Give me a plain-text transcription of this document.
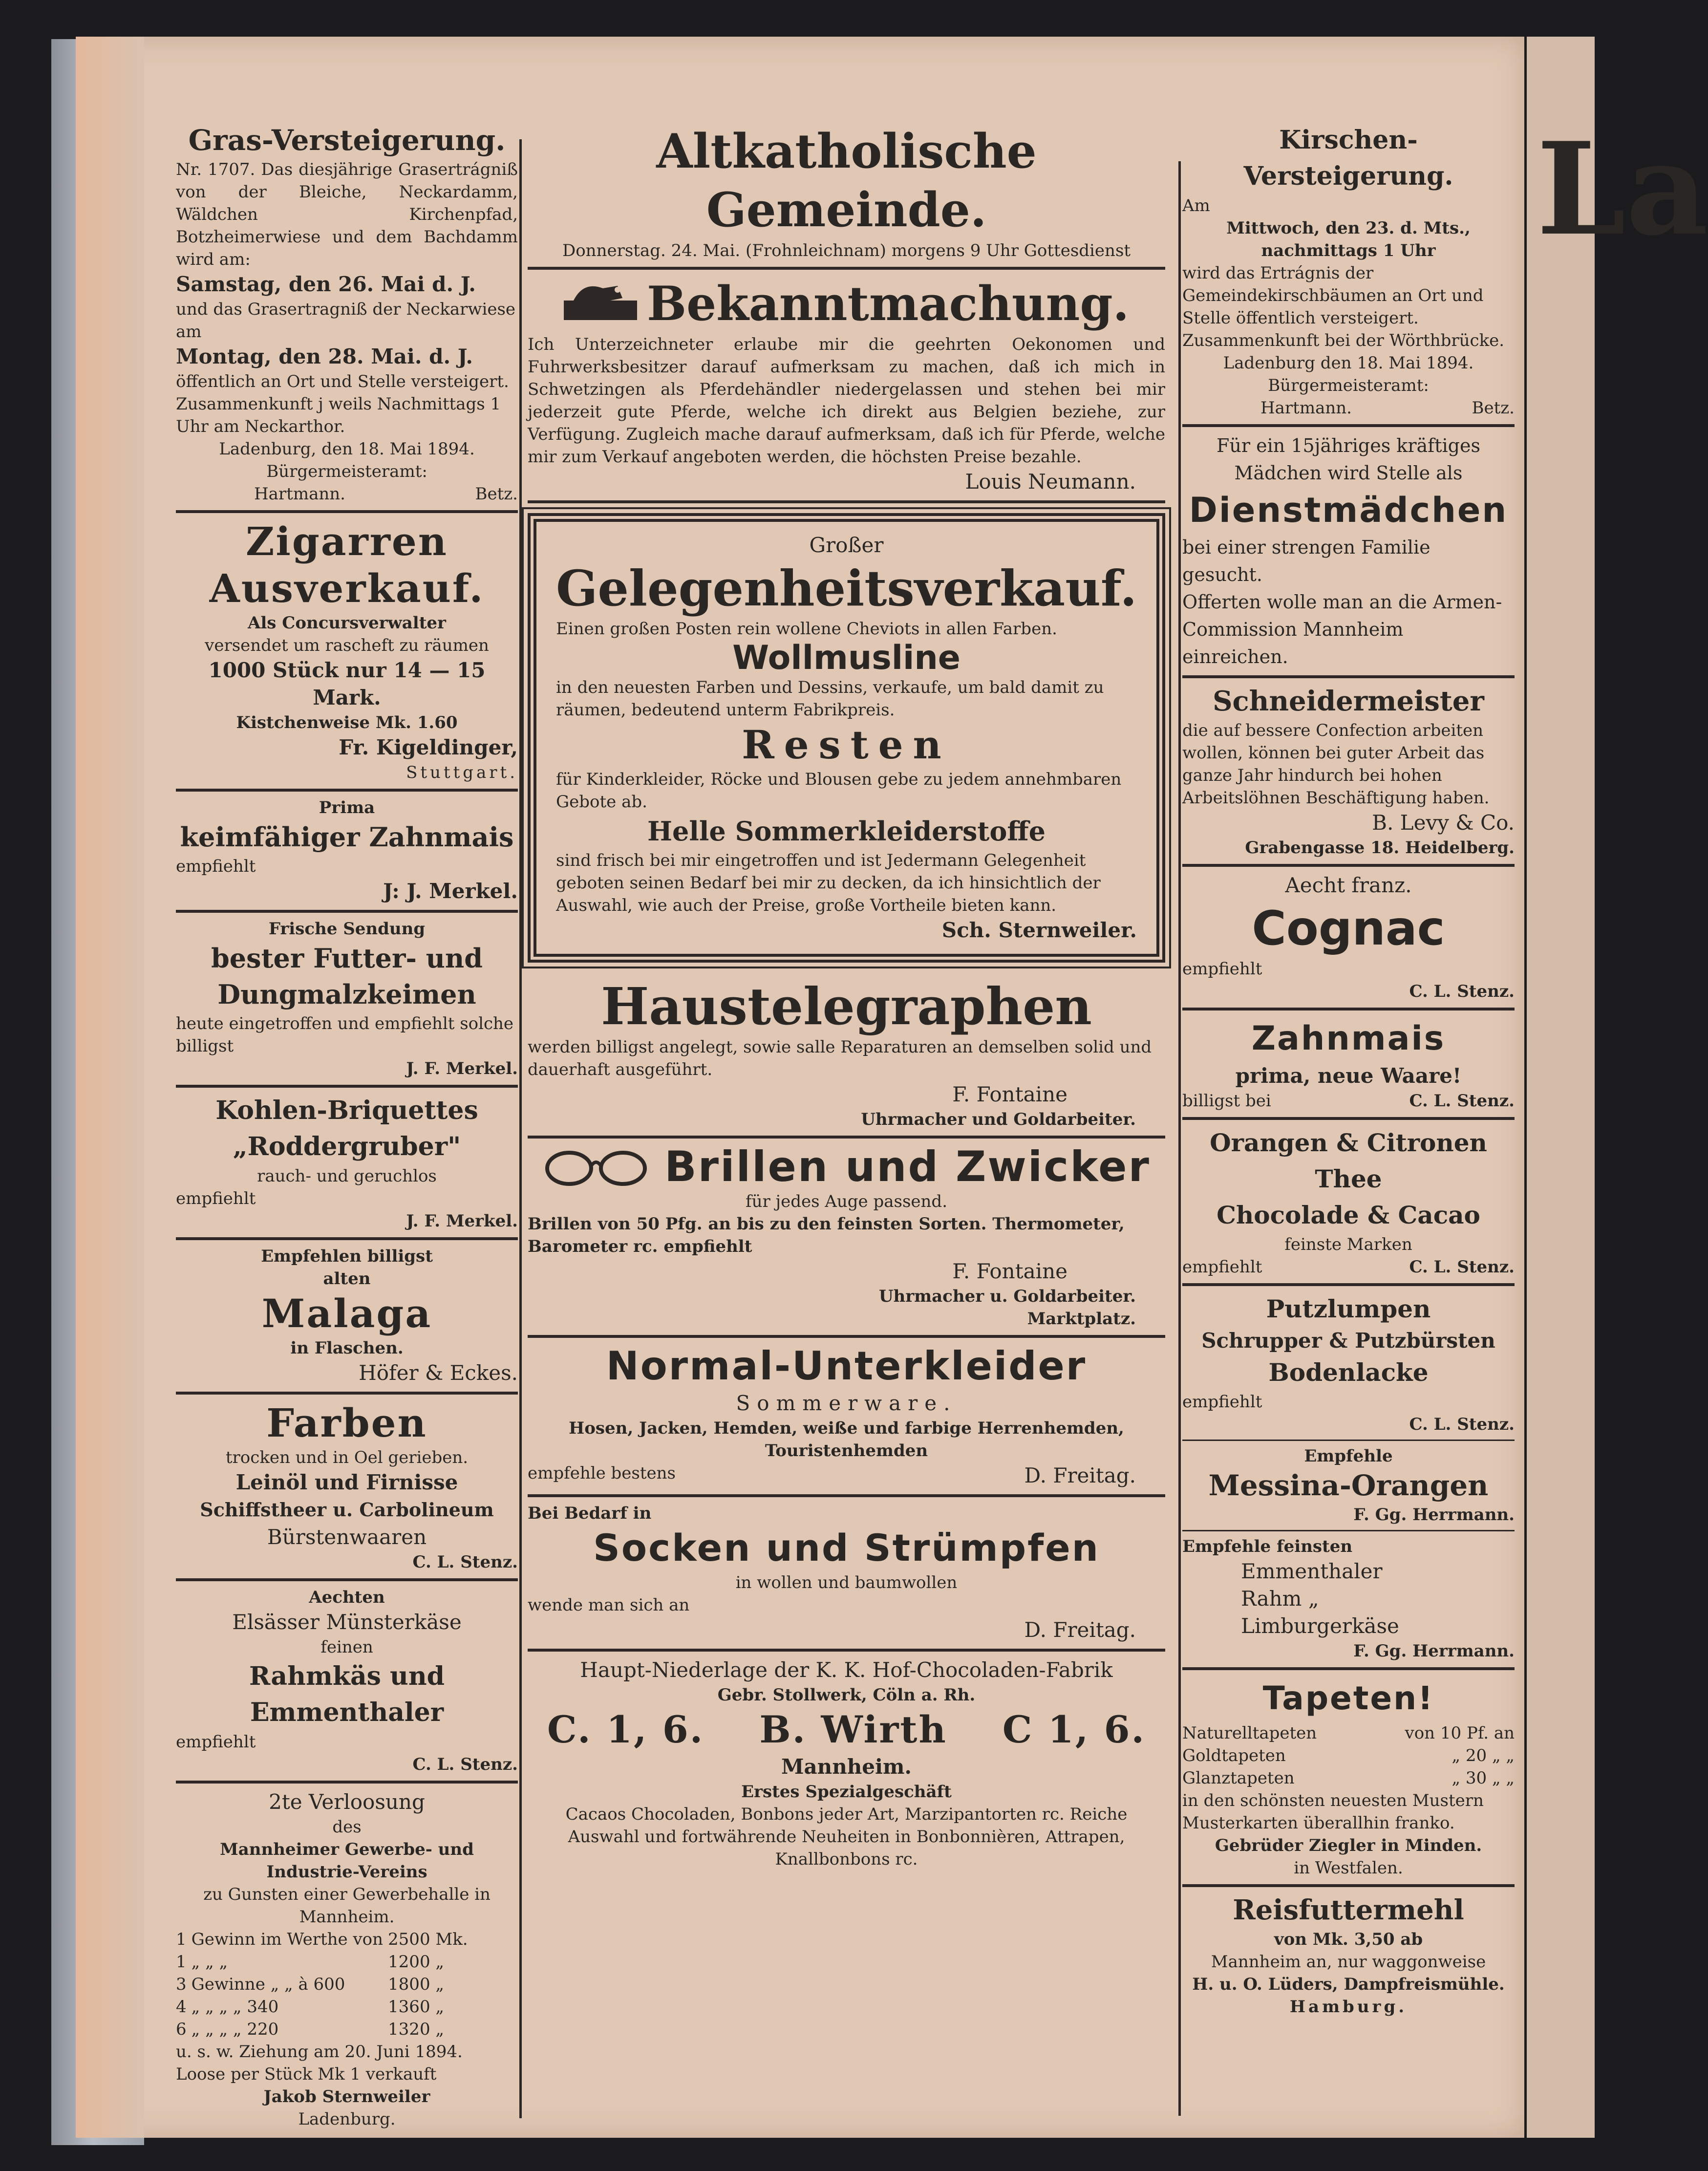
La
Gras-Versteigerung.
Nr. 1707. Das diesjährige Grasertrágniß von der Bleiche, Neckardamm, Wäldchen Kirchenpfad, Botzheimerwiese und dem Bachdamm wird am:
Samstag, den 26. Mai d. J.
und das Grasertragniß der Neckarwiese am
Montag, den 28. Mai. d. J.
öffentlich an Ort und Stelle versteigert. Zusammenkunft j weils Nachmittags 1 Uhr am Neckarthor.
Ladenburg, den 18. Mai 1894.
Bürgermeisteramt:
Hartmann.	Betz.
Zigarren
Ausverkauf.
Als Concursverwalter
versendet um rascheft zu räumen
1000 Stück nur 14 — 15 Mark.
Kistchenweise Mk. 1.60
Fr. Kigeldinger,
Stuttgart.
Prima
keimfähiger Zahnmais
empfiehlt
J: J. Merkel.
Frische Sendung
bester Futter- und
Dungmalzkeimen
heute eingetroffen und empfiehlt solche billigst
J. F. Merkel.
Kohlen-Briquettes
„Roddergruber"
rauch- und geruchlos
empfiehlt
J. F. Merkel.
Empfehlen billigst
alten
Malaga
in Flaschen.
Höfer & Eckes.
Farben
trocken und in Oel gerieben.
Leinöl und Firnisse
Schiffstheer u. Carbolineum
Bürstenwaaren
C. L. Stenz.
Aechten
Elsässer Münsterkäse
feinen
Rahmkäs und
Emmenthaler
empfiehlt
C. L. Stenz.
2te Verloosung
des
Mannheimer Gewerbe- und Industrie-Vereins
zu Gunsten einer Gewerbehalle in Mannheim.
1	Gewinn im Werthe von	2500 Mk.
1	„ „ „	1200 „
3	Gewinne „ „ à 600	1800 „
4	„ „ „ „ 340	1360 „
6	„ „ „ „ 220	1320 „
u. s. w. Ziehung am 20. Juni 1894.
Loose per Stück Mk 1 verkauft
Jakob Sternweiler
Ladenburg.
Altkatholische Gemeinde.
Donnerstag. 24. Mai. (Frohnleichnam) morgens 9 Uhr Gottesdienst
Bekanntmachung.
Ich Unterzeichneter erlaube mir die geehrten Oekonomen und Fuhrwerksbesitzer darauf aufmerksam zu machen, daß ich mich in Schwetzingen als Pferdehändler niedergelassen und stehen bei mir jederzeit gute Pferde, welche ich direkt aus Belgien beziehe, zur Verfügung. Zugleich mache darauf aufmerksam, daß ich für Pferde, welche mir zum Verkauf angeboten werden, die höchsten Preise bezahle.
Louis Neumann.
Großer
Gelegenheitsverkauf.
Einen großen Posten rein wollene Cheviots in allen Farben.
Wollmusline
in den neuesten Farben und Dessins, verkaufe, um bald damit zu räumen, bedeutend unterm Fabrikpreis.
Resten
für Kinderkleider, Röcke und Blousen gebe zu jedem annehmbaren Gebote ab.
Helle Sommerkleiderstoffe
sind frisch bei mir eingetroffen und ist Jedermann Gelegenheit geboten seinen Bedarf bei mir zu decken, da ich hinsichtlich der Auswahl, wie auch der Preise, große Vortheile bieten kann.
Sch. Sternweiler.
Haustelegraphen
werden billigst angelegt, sowie salle Reparaturen an demselben solid und dauerhaft ausgeführt.
F. Fontaine
Uhrmacher und Goldarbeiter.
Brillen und Zwicker
für jedes Auge passend.
Brillen von 50 Pfg. an bis zu den feinsten Sorten. Thermometer, Barometer rc. empfiehlt
F. Fontaine
Uhrmacher u. Goldarbeiter.
Marktplatz.
Normal-Unterkleider
Sommerware.
Hosen, Jacken, Hemden, weiße und farbige Herrenhemden, Touristenhemden
empfehle bestens	D. Freitag.
Bei Bedarf in
Socken und Strümpfen
in wollen und baumwollen
wende man sich an
D. Freitag.
Haupt-Niederlage der K. K. Hof-Chocoladen-Fabrik
Gebr. Stollwerk, Cöln a. Rh.
C. 1, 6. B. Wirth C 1, 6.
Mannheim.
Erstes Spezialgeschäft
Cacaos Chocoladen, Bonbons jeder Art, Marzipantorten rc. Reiche Auswahl und fortwährende Neuheiten in Bonbonnièren, Attrapen, Knallbonbons rc.
Kirschen-Versteigerung.
Am
Mittwoch, den 23. d. Mts., nachmittags 1 Uhr
wird das Ertrágnis der Gemeindekirschbäumen an Ort und Stelle öffentlich versteigert.
Zusammenkunft bei der Wörthbrücke.
Ladenburg den 18. Mai 1894.
Bürgermeisteramt:
Hartmann.	Betz.
Für ein 15jähriges kräftiges Mädchen wird Stelle als
Dienstmädchen
bei einer strengen Familie gesucht.
Offerten wolle man an die Armen-Commission Mannheim einreichen.
Schneidermeister
die auf bessere Confection arbeiten wollen, können bei guter Arbeit das ganze Jahr hindurch bei hohen Arbeitslöhnen Beschäftigung haben.
B. Levy & Co.
Grabengasse 18. Heidelberg.
Aecht franz.
Cognac
empfiehlt
C. L. Stenz.
Zahnmais
prima, neue Waare!
billigst bei	C. L. Stenz.
Orangen & Citronen
Thee
Chocolade & Cacao
feinste Marken
empfiehlt	C. L. Stenz.
Putzlumpen
Schrupper & Putzbürsten
Bodenlacke
empfiehlt
C. L. Stenz.
Empfehle
Messina-Orangen
F. Gg. Herrmann.
Empfehle feinsten
Emmenthaler
Rahm „
Limburgerkäse
F. Gg. Herrmann.
Tapeten!
Naturelltapeten	von 10 Pf. an
Goldtapeten	„ 20 „ „
Glanztapeten	„ 30 „ „
in den schönsten neuesten Mustern Musterkarten überallhin franko.
Gebrüder Ziegler in Minden.
in Westfalen.
Reisfuttermehl
von Mk. 3,50 ab
Mannheim an, nur waggonweise
H. u. O. Lüders, Dampfreismühle.
Hamburg.
